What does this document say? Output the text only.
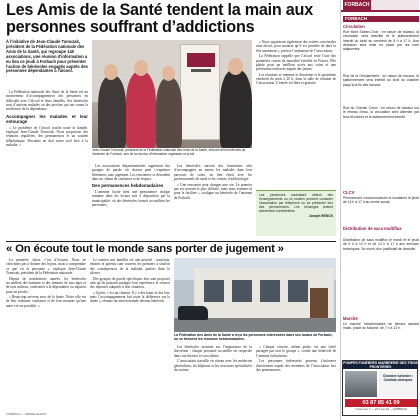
Les Amis de la Santé tendent la main aux personnes souffrant d’addictions
À l’initiative de Jean-Claude Tomczak, président de la Fédération nationale des Amis de la Santé, qui regroupe 140 associations, une réunion d’information a eu lieu ce jeudi à Forbach pour présenter l’action de bénévoles engagés auprès des personnes dépendantes à l’alcool.

La Fédération nationale des Amis de la Santé est un mouvement d’accompagnement des personnes en difficulté avec l’alcool et leurs familles. Ses bénévoles sont d’anciens malades ou des proches qui ont connu la souffrance de la dépendance.

Accompagner les malades et leur entourage

« Le problème de l’alcool touche toute la famille, explique Jean-Claude Tomczak. Nous proposons des réunions régulières, des permanences et un soutien téléphonique. Personne ne doit rester seul face à la maladie. »

Jean-Claude Tomczak, président de la Fédération nationale des Amis de la Santé, entouré des bénévoles de l’antenne de Forbach, lors de la réunion d’information organisée ce jeudi.

Les associations départementales organisent des groupes de parole où chacun peut s’exprimer librement, sans jugement. Les rencontres se déroulent dans un climat de confiance et de respect.

Des permanences hebdomadaires

L’antenne locale tient une permanence chaque semaine dans les locaux mis à disposition par la municipalité, où des bénévoles formés accueillent les personnes.

Les bénévoles suivent des formations afin d’accompagner au mieux les malades dans leur parcours de soins, en lien étroit avec les professionnels de santé et les centres d’addictologie.

« Une rencontre peut changer une vie. Le premier pas est souvent le plus difficile, mais nous sommes là pour le faciliter », souligne un bénévole de l’antenne de Forbach.

« Nous organisons également des soirées conviviales sans alcool, pour montrer qu’il est possible de faire la fête autrement », précise l’animateur de l’association.

La Fédération rappelle que l’alcool reste l’une des premières causes de mortalité évitable en France. Elle plaide pour un meilleur accès aux soins et une prévention renforcée auprès des jeunes.

Les réunions se tiennent le deuxième et le quatrième vendredi du mois à 20 h, dans la salle de réunion de l’association. L’entrée est libre et gratuite.

Les personnes souhaitant obtenir des renseignements ou un soutien peuvent contacter l’association par téléphone ou se présenter lors des permanences. Les échanges restent strictement confidentiels.
Joseph RENCK
« On écoute tout le monde sans porter de jugement »

La première chose, c’est d’écouter. Nous ne cherchons pas à donner des leçons, mais à comprendre ce que vit la personne », explique Jean-Claude Tomczak, président de la Fédération nationale.

Depuis de nombreuses années, les bénévoles accueillent des hommes et des femmes de tous âges et de tous milieux, confrontés à la dépendance ou inquiets pour un proche.

« Beaucoup arrivent avec de la honte. Notre rôle est de leur redonner confiance et de leur montrer qu’une autre vie est possible. »

Le soutien aux familles est une priorité : conjoints, enfants et parents sont souvent les premiers à souffrir des conséquences de la maladie, parfois dans le silence.

Des groupes de parole spécifiques leur sont proposés afin qu’ils puissent partager leur expérience et trouver des réponses adaptées à leur situation.

« Guérir, c’est un chemin. Il y a des hauts et des bas, mais l’accompagnement fait toute la différence sur la durée », résume un ancien malade devenu bénévole.

La Fédération des Amis de la Santé a reçu les personnes intéressées dans ses locaux de Forbach, où se tiennent les réunions hebdomadaires.

Les bénévoles insistent sur l’importance de la discrétion : chaque personne accueillie est respectée dans son histoire et son rythme.

L’association travaille en réseau avec les médecins généralistes, les hôpitaux et les structures spécialisées du secteur.

« Chaque victoire, même petite, est une fierté partagée par tout le groupe », confie une bénévole de l’antenne forbachoise.

Les personnes intéressées peuvent s’informer directement auprès des membres de l’association lors des permanences.

FORBACH — MOSELLE-EST
FORBACH
FORBACH
Circulation
Rue Mont Sainte-Croix : en raison de travaux, la circulation sera interdite et le stationnement interdit du lundi au vendredi de 8 h à 17 h. Une déviation sera mise en place par les rues adjacentes.
Rue de la Gendarmerie : en raison de travaux, le stationnement sera interdit au droit du chantier jusqu’à la fin des travaux.
Rue du Chemin Creux : en raison de travaux sur le réseau d’eau, la circulation sera alternée par feux tricolores et le stationnement interdit.
CLCV
Permanence consommateurs et locataires le jeudi de 14 h à 17 h au centre social.
Distribution de sacs multiflux
Distribution de sacs multiflux le mardi et le jeudi de 9 h à 12 h et de 14 h à 17 h aux services techniques. Se munir d’un justificatif de domicile.
Marché
Le marché hebdomadaire se tiendra samedi matin, place du Marché, de 7 h à 13 h.
POMPES FUNÈBRES MARBRERIE DES TROIS FRONTIÈRES
Chambre funéraire • Contrats obsèques
03 87 85 41 09
7 jours sur 7 — 24 h sur 24 — FORBACH
